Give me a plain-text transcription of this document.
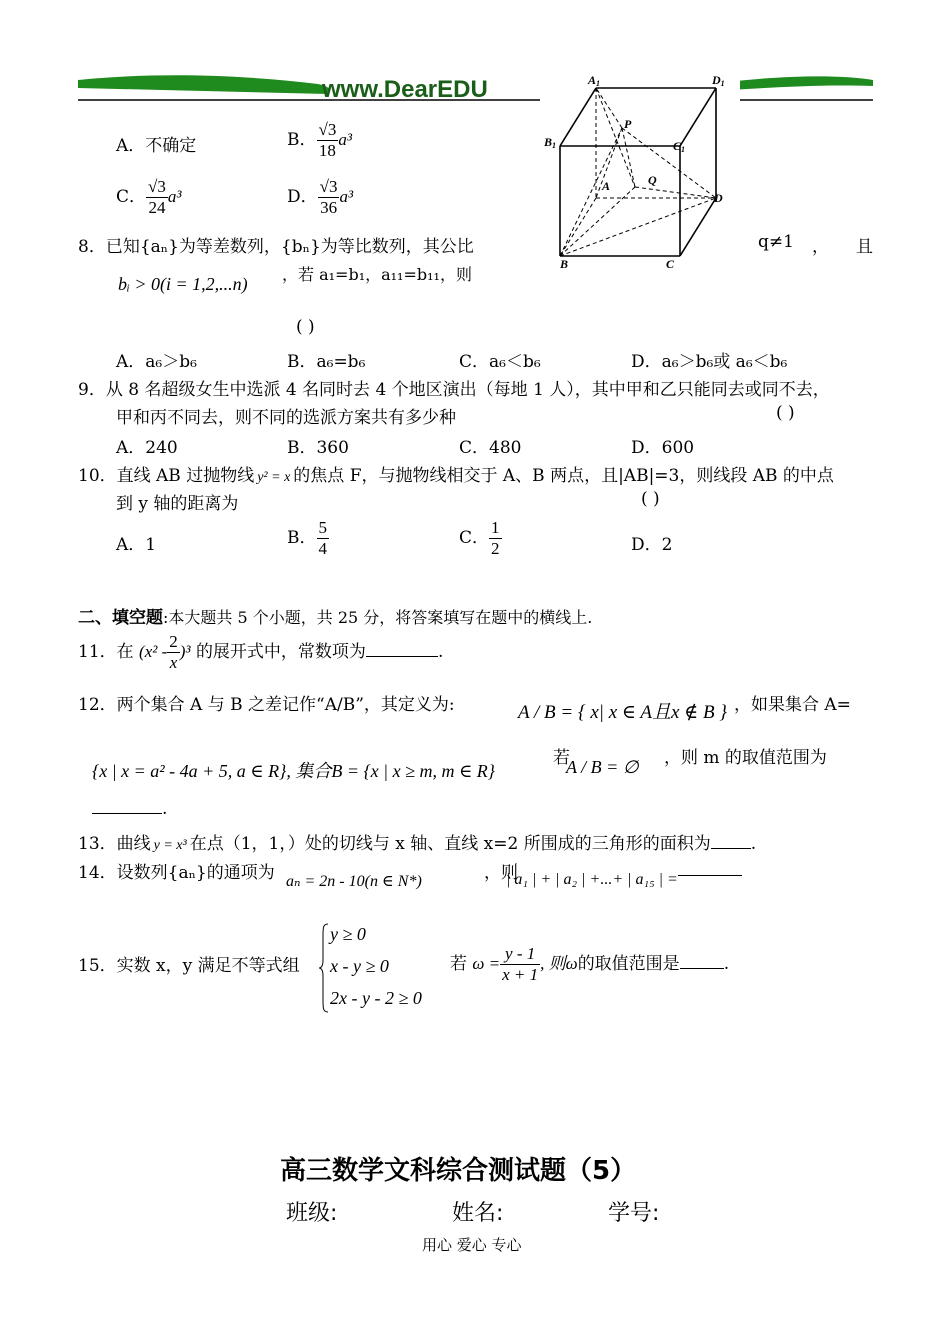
www.DearEDU	A1	D1
B1	C1
P
Q
A
D
B	C
A．不确定	B． $\frac{√3}{18} a^3$
C． $\frac{√3}{24} a^3$	D． $\frac{√3}{36} a^3$
8．已知{aₙ}为等差数列，{bₙ}为等比数列，其公比	q≠1 ， 且
bᵢ > 0(i = 1,2,...n) ，若 a₁=b₁，a₁₁=b₁₁，则
( )
A．a₆＞b₆	B．a₆=b₆	C．a₆＜b₆	D．a₆＞b₆或 a₆＜b₆
9．从 8 名超级女生中选派 4 名同时去 4 个地区演出（每地 1 人），其中甲和乙只能同去或同不去，
甲和丙不同去，则不同的选派方案共有多少种	( )
A．240	B．360	C．480	D．600
10．直线 AB 过抛物线 y² = x 的焦点 F，与抛物线相交于 A、B 两点，且|AB|=3，则线段 AB 的中点
到 y 轴的距离为	( )
A．1	B． $\frac{5}{4}$	C． $\frac{1}{2}$	D．2
二、填空题:本大题共 5 个小题，共 25 分，将答案填写在题中的横线上.
11．在 $(x^2 - \frac{2}{x} )^3$ 的展开式中，常数项为	.
12．两个集合 A 与 B 之差记作“A/B”，其定义为:	A / B = { x| x ∈ A且x ∉ B } ，如果集合 A=
{x | x = a² - 4a + 5, a ∈ R}, 集合B = {x | x ≥ m, m ∈ R}
若
A / B = ∅ ，则 m 的取值范围为
.
13．曲线 y = x³ 在点（1，1，）处的切线与 x 轴、直线 x=2 所围成的三角形的面积为 .
14．设数列{aₙ}的通项为 aₙ = 2n - 10(n ∈ N*)	，则
| a₁ | + | a₂ | +...+ | a₁₅ | =
15．实数 x，y 满足不等式组
y ≥ 0
x - y ≥ 0
2x - y - 2 ≥ 0
若 $\omega = \frac{y - 1}{x + 1}$ , 则ω的取值范围是	.
高三数学文科综合测试题（5）
班级:	姓名:	学号:
用心 爱心 专心
